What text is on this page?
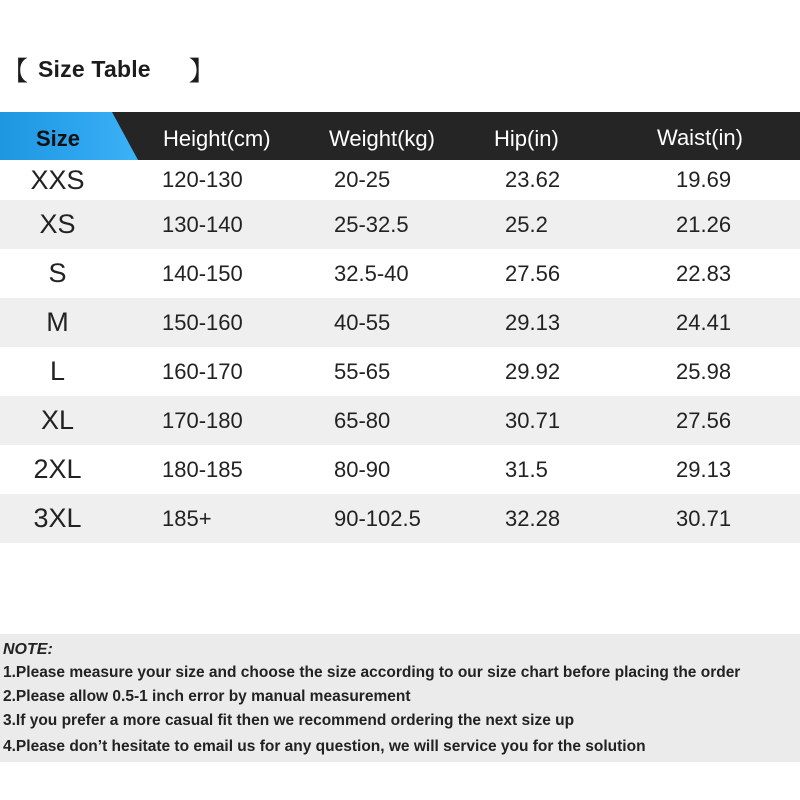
【 Size Table 】
Size	Height(cm)	Weight(kg)	Hip(in)	Waist(in)
XXS	120-130	20-25	23.62	19.69
XS	130-140	25-32.5	25.2	21.26
S	140-150	32.5-40	27.56	22.83
M	150-160	40-55	29.13	24.41
L	160-170	55-65	29.92	25.98
XL	170-180	65-80	30.71	27.56
2XL	180-185	80-90	31.5	29.13
3XL	185+	90-102.5	32.28	30.71
NOTE:
1.Please measure your size and choose the size according to our size chart before placing the order
2.Please allow 0.5-1 inch error by manual measurement
3.If you prefer a more casual fit then we recommend ordering the next size up
4.Please don’t hesitate to email us for any question, we will service you for the solution
